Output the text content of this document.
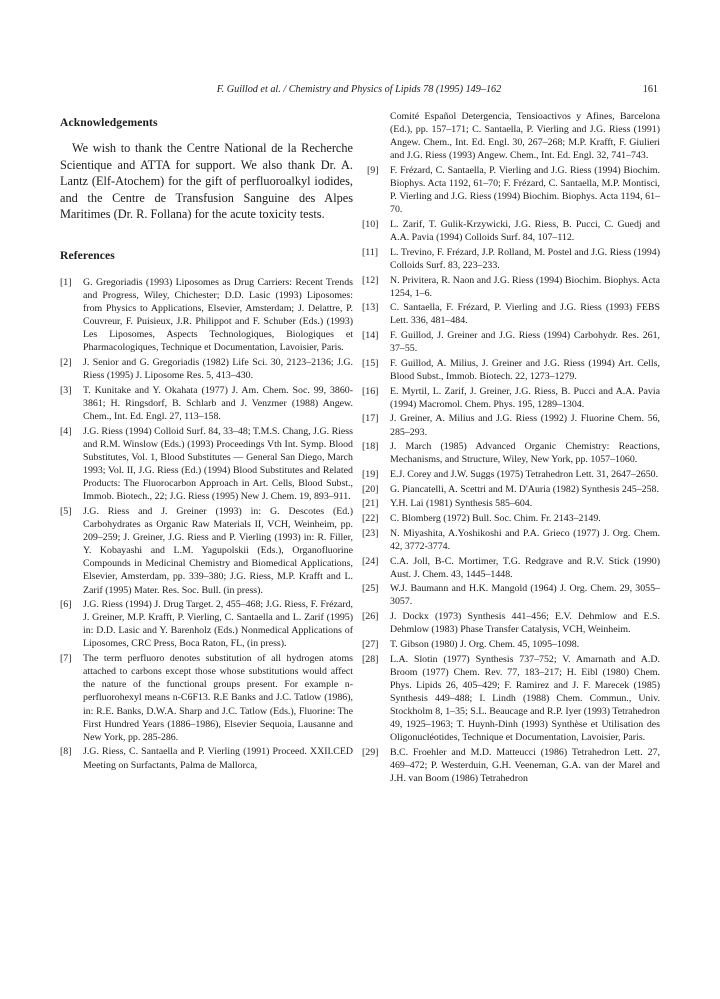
F. Guillod et al. / Chemistry and Physics of Lipids 78 (1995) 149–162	161
Acknowledgements

We wish to thank the Centre National de la Recherche Scientique and ATTA for support. We also thank Dr. A. Lantz (Elf-Atochem) for the gift of perfluoroalkyl iodides, and the Centre de Transfusion Sanguine des Alpes Maritimes (Dr. R. Follana) for the acute toxicity tests.

References
[1]	G. Gregoriadis (1993) Liposomes as Drug Carriers: Recent Trends and Progress, Wiley, Chichester; D.D. Lasic (1993) Liposomes: from Physics to Applications, Elsevier, Amsterdam; J. Delattre, P. Couvreur, F. Puisieux, J.R. Philippot and F. Schuber (Eds.) (1993) Les Liposomes, Aspects Technologiques, Biologiques et Pharmacologiques, Technique et Documentation, Lavoisier, Paris.
[2]	J. Senior and G. Gregoriadis (1982) Life Sci. 30, 2123–2136; J.G. Riess (1995) J. Liposome Res. 5, 413–430.
[3]	T. Kunitake and Y. Okahata (1977) J. Am. Chem. Soc. 99, 3860-3861; H. Ringsdorf, B. Schlarb and J. Venzmer (1988) Angew. Chem., Int. Ed. Engl. 27, 113–158.
[4]	J.G. Riess (1994) Colloid Surf. 84, 33–48; T.M.S. Chang, J.G. Riess and R.M. Winslow (Eds.) (1993) Proceedings Vth Int. Symp. Blood Substitutes, Vol. 1, Blood Substitutes — General San Diego, March 1993; Vol. II, J.G. Riess (Ed.) (1994) Blood Substitutes and Related Products: The Fluorocarbon Approach in Art. Cells, Blood Subst., Immob. Biotech., 22; J.G. Riess (1995) New J. Chem. 19, 893–911.
[5]	J.G. Riess and J. Greiner (1993) in: G. Descotes (Ed.) Carbohydrates as Organic Raw Materials II, VCH, Weinheim, pp. 209–259; J. Greiner, J.G. Riess and P. Vierling (1993) in: R. Filler, Y. Kobayashi and L.M. Yagupolskii (Eds.), Organofluorine Compounds in Medicinal Chemistry and Biomedical Applications, Elsevier, Amsterdam, pp. 339–380; J.G. Riess, M.P. Krafft and L. Zarif (1995) Mater. Res. Soc. Bull. (in press).
[6]	J.G. Riess (1994) J. Drug Target. 2, 455–468; J.G. Riess, F. Frézard, J. Greiner, M.P. Krafft, P. Vierling, C. Santaella and L. Zarif (1995) in: D.D. Lasic and Y. Barenholz (Eds.) Nonmedical Applications of Liposomes, CRC Press, Boca Raton, FL, (in press).
[7]	The term perfluoro denotes substitution of all hydrogen atoms attached to carbons except those whose substitutions would affect the nature of the functional groups present. For example n-perfluorohexyl means n-C6F13. R.E Banks and J.C. Tatlow (1986), in: R.E. Banks, D.W.A. Sharp and J.C. Tatlow (Eds.), Fluorine: The First Hundred Years (1886–1986), Elsevier Sequoia, Lausanne and New York, pp. 285-286.
[8]	J.G. Riess, C. Santaella and P. Vierling (1991) Proceed. XXII.CED Meeting on Surfactants, Palma de Mallorca,
Comité Español Detergencia, Tensioactivos y Afines, Barcelona (Ed.), pp. 157–171; C. Santaella, P. Vierling and J.G. Riess (1991) Angew. Chem., Int. Ed. Engl. 30, 267–268; M.P. Krafft, F. Giulieri and J.G. Riess (1993) Angew. Chem., Int. Ed. Engl. 32, 741–743.
[9]	F. Frézard, C. Santaella, P. Vierling and J.G. Riess (1994) Biochim. Biophys. Acta 1192, 61–70; F. Frézard, C. Santaella, M.P. Montisci, P. Vierling and J.G. Riess (1994) Biochim. Biophys. Acta 1194, 61–70.
[10]	L. Zarif, T. Gulik-Krzywicki, J.G. Riess, B. Pucci, C. Guedj and A.A. Pavia (1994) Colloids Surf. 84, 107–112.
[11]	L. Trevino, F. Frézard, J.P. Rolland, M. Postel and J.G. Riess (1994) Colloids Surf. 83, 223–233.
[12]	N. Privitera, R. Naon and J.G. Riess (1994) Biochim. Biophys. Acta 1254, 1–6.
[13]	C. Santaella, F. Frézard, P. Vierling and J.G. Riess (1993) FEBS Lett. 336, 481–484.
[14]	F. Guillod, J. Greiner and J.G. Riess (1994) Carbohydr. Res. 261, 37–55.
[15]	F. Guillod, A. Milius, J. Greiner and J.G. Riess (1994) Art. Cells, Blood Subst., Immob. Biotech. 22, 1273–1279.
[16]	E. Myrtil, L. Zarif, J. Greiner, J.G. Riess, B. Pucci and A.A. Pavia (1994) Macromol. Chem. Phys. 195, 1289–1304.
[17]	J. Greiner, A. Milius and J.G. Riess (1992) J. Fluorine Chem. 56, 285–293.
[18]	J. March (1985) Advanced Organic Chemistry: Reactions, Mechanisms, and Structure, Wiley, New York, pp. 1057–1060.
[19]	E.J. Corey and J.W. Suggs (1975) Tetrahedron Lett. 31, 2647–2650.
[20]	G. Piancatelli, A. Scettri and M. D'Auria (1982) Synthesis 245–258.
[21]	Y.H. Lai (1981) Synthesis 585–604.
[22]	C. Blomberg (1972) Bull. Soc. Chim. Fr. 2143–2149.
[23]	N. Miyashita, A.Yoshikoshi and P.A. Grieco (1977) J. Org. Chem. 42, 3772-3774.
[24]	C.A. Joll, B-C. Mortimer, T.G. Redgrave and R.V. Stick (1990) Aust. J. Chem. 43, 1445–1448.
[25]	W.J. Baumann and H.K. Mangold (1964) J. Org. Chem. 29, 3055–3057.
[26]	J. Dockx (1973) Synthesis 441–456; E.V. Dehmlow and E.S. Dehmlow (1983) Phase Transfer Catalysis, VCH, Weinheim.
[27]	T. Gibson (1980) J. Org. Chem. 45, 1095–1098.
[28]	L.A. Slotin (1977) Synthesis 737–752; V. Amarnath and A.D. Broom (1977) Chem. Rev. 77, 183–217; H. Eibl (1980) Chem. Phys. Lipids 26, 405–429; F. Ramirez and J. F. Marecek (1985) Synthesis 449–488; I. Lindh (1988) Chem. Commun., Univ. Stockholm 8, 1–35; S.L. Beaucage and R.P. Iyer (1993) Tetrahedron 49, 1925–1963; T. Huynh-Dinh (1993) Synthèse et Utilisation des Oligonucléotides, Technique et Documentation, Lavoisier, Paris.
[29]	B.C. Froehler and M.D. Matteucci (1986) Tetrahedron Lett. 27, 469–472; P. Westerduin, G.H. Veeneman, G.A. van der Marel and J.H. van Boom (1986) Tetrahedron
